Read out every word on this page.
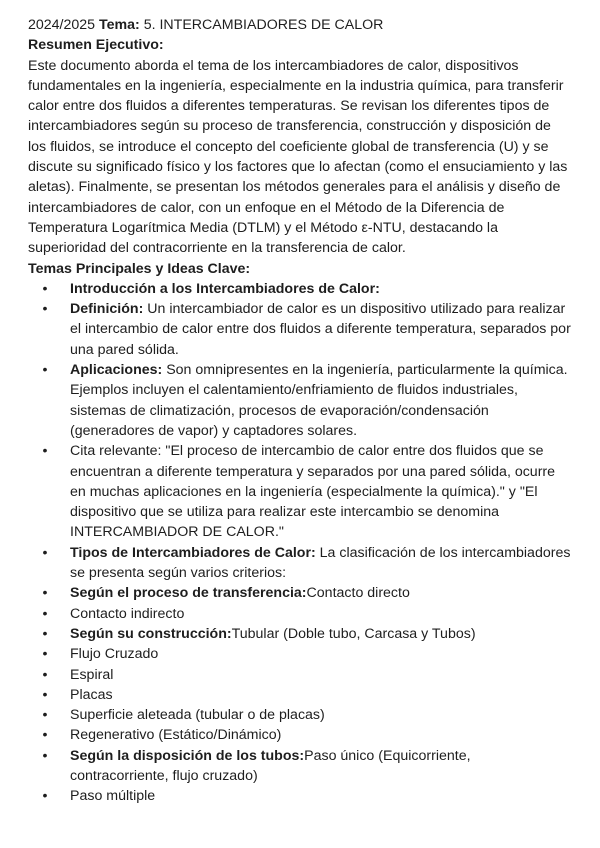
2024/2025 Tema: 5. INTERCAMBIADORES DE CALOR

Resumen Ejecutivo:

Este documento aborda el tema de los intercambiadores de calor, dispositivos fundamentales en la ingeniería, especialmente en la industria química, para transferir calor entre dos fluidos a diferentes temperaturas. Se revisan los diferentes tipos de intercambiadores según su proceso de transferencia, construcción y disposición de los fluidos, se introduce el concepto del coeficiente global de transferencia (U) y se discute su significado físico y los factores que lo afectan (como el ensuciamiento y las aletas). Finalmente, se presentan los métodos generales para el análisis y diseño de intercambiadores de calor, con un enfoque en el Método de la Diferencia de Temperatura Logarítmica Media (DTLM) y el Método ε-NTU, destacando la superioridad del contracorriente en la transferencia de calor.

Temas Principales y Ideas Clave:

• Introducción a los Intercambiadores de Calor:
• Definición: Un intercambiador de calor es un dispositivo utilizado para realizar el intercambio de calor entre dos fluidos a diferente temperatura, separados por una pared sólida.
• Aplicaciones: Son omnipresentes en la ingeniería, particularmente la química. Ejemplos incluyen el calentamiento/enfriamiento de fluidos industriales, sistemas de climatización, procesos de evaporación/condensación (generadores de vapor) y captadores solares.
• Cita relevante: "El proceso de intercambio de calor entre dos fluidos que se encuentran a diferente temperatura y separados por una pared sólida, ocurre en muchas aplicaciones en la ingeniería (especialmente la química)." y "El dispositivo que se utiliza para realizar este intercambio se denomina INTERCAMBIADOR DE CALOR."
• Tipos de Intercambiadores de Calor: La clasificación de los intercambiadores se presenta según varios criterios:
• Según el proceso de transferencia:Contacto directo
• Contacto indirecto
• Según su construcción:Tubular (Doble tubo, Carcasa y Tubos)
• Flujo Cruzado
• Espiral
• Placas
• Superficie aleteada (tubular o de placas)
• Regenerativo (Estático/Dinámico)
• Según la disposición de los tubos:Paso único (Equicorriente, contracorriente, flujo cruzado)
• Paso múltiple
